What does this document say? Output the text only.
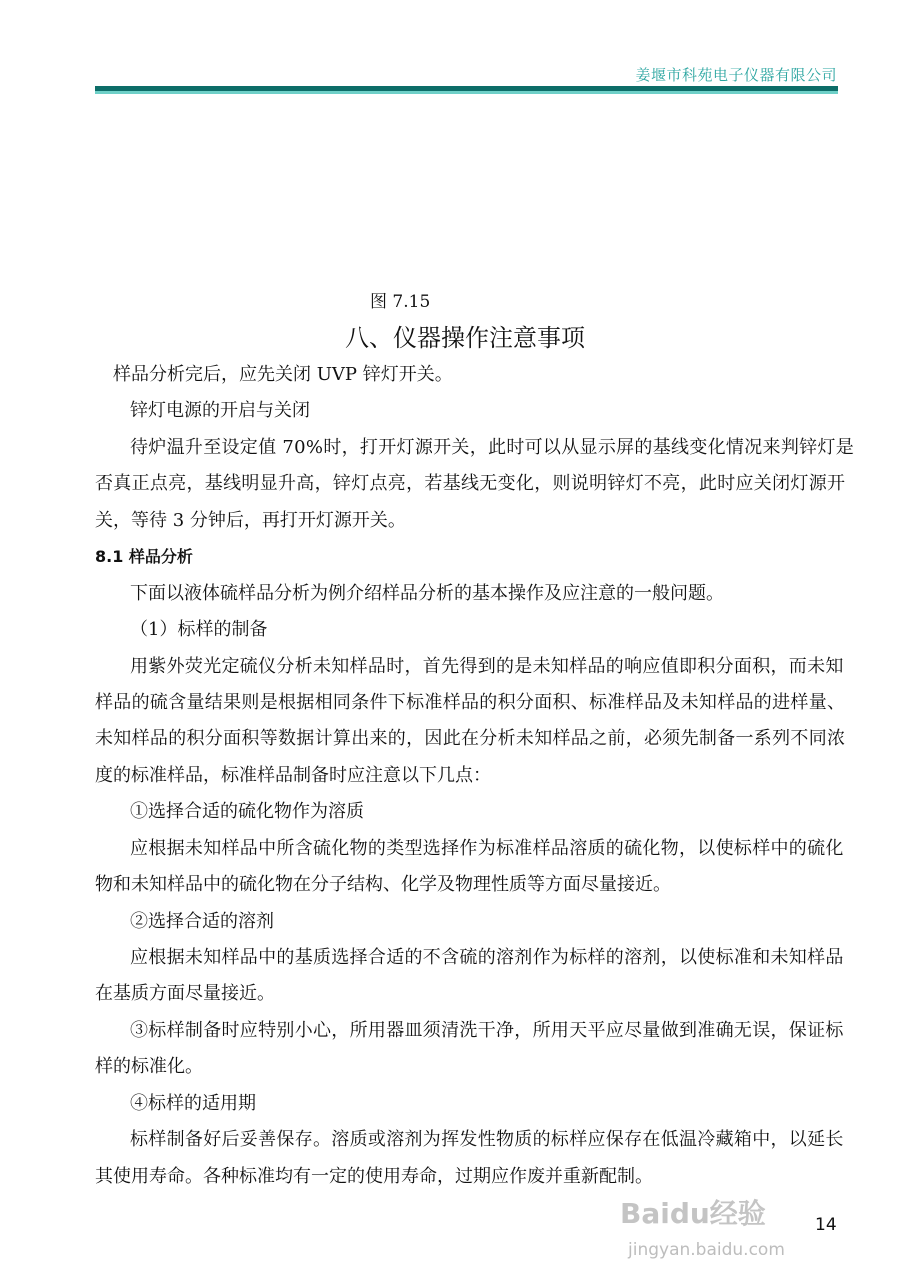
姜堰市科苑电子仪器有限公司
图 7.15
八、仪器操作注意事项
样品分析完后，应先关闭 UVP 锌灯开关。
锌灯电源的开启与关闭
待炉温升至设定值 70%时，打开灯源开关，此时可以从显示屏的基线变化情况来判锌灯是
否真正点亮，基线明显升高，锌灯点亮，若基线无变化，则说明锌灯不亮，此时应关闭灯源开
关，等待 3 分钟后，再打开灯源开关。
8.1 样品分析
下面以液体硫样品分析为例介绍样品分析的基本操作及应注意的一般问题。
（1）标样的制备
用紫外荧光定硫仪分析未知样品时，首先得到的是未知样品的响应值即积分面积，而未知
样品的硫含量结果则是根据相同条件下标准样品的积分面积、标准样品及未知样品的进样量、
未知样品的积分面积等数据计算出来的，因此在分析未知样品之前，必须先制备一系列不同浓
度的标准样品，标准样品制备时应注意以下几点：
①选择合适的硫化物作为溶质
应根据未知样品中所含硫化物的类型选择作为标准样品溶质的硫化物，以使标样中的硫化
物和未知样品中的硫化物在分子结构、化学及物理性质等方面尽量接近。
②选择合适的溶剂
应根据未知样品中的基质选择合适的不含硫的溶剂作为标样的溶剂，以使标准和未知样品
在基质方面尽量接近。
③标样制备时应特别小心，所用器皿须清洗干净，所用天平应尽量做到准确无误，保证标
样的标准化。
④标样的适用期
标样制备好后妥善保存。溶质或溶剂为挥发性物质的标样应保存在低温冷藏箱中，以延长
其使用寿命。各种标准均有一定的使用寿命，过期应作废并重新配制。
14
Baidu经验
jingyan.baidu.com
